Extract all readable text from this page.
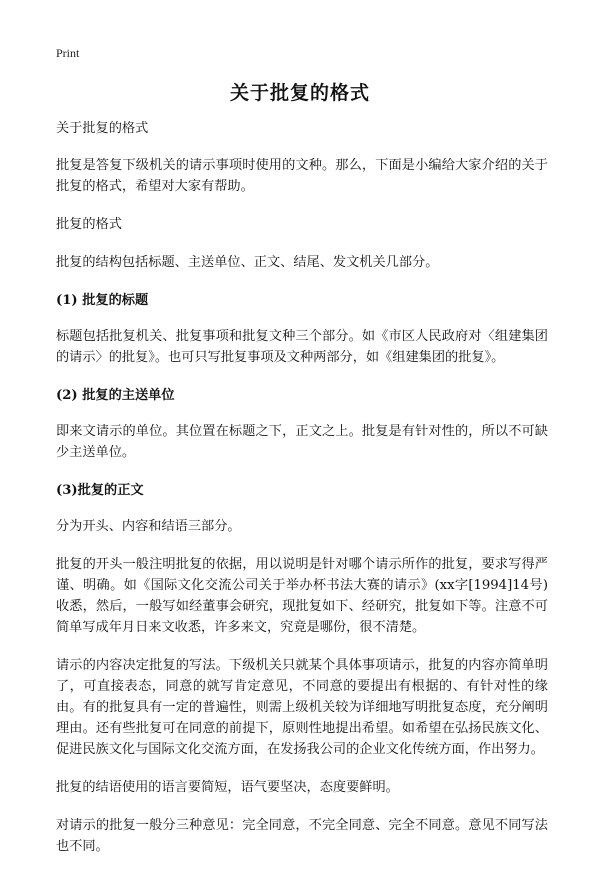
Print
关于批复的格式

关于批复的格式

批复是答复下级机关的请示事项时使用的文种。那么，下面是小编给大家介绍的关于批复的格式，希望对大家有帮助。

批复的格式

批复的结构包括标题、主送单位、正文、结尾、发文机关几部分。

(1) 批复的标题

标题包括批复机关、批复事项和批复文种三个部分。如《市区人民政府对〈组建集团的请示〉的批复》。也可只写批复事项及文种两部分，如《组建集团的批复》。

(2) 批复的主送单位

即来文请示的单位。其位置在标题之下，正文之上。批复是有针对性的，所以不可缺少主送单位。

(3)批复的正文

分为开头、内容和结语三部分。

批复的开头一般注明批复的依据，用以说明是针对哪个请示所作的批复，要求写得严谨、明确。如《国际文化交流公司关于举办杯书法大赛的请示》(xx字[1994]14号)收悉，然后，一般写如经董事会研究，现批复如下、经研究，批复如下等。注意不可简单写成年月日来文收悉，许多来文，究竟是哪份，很不清楚。

请示的内容决定批复的写法。下级机关只就某个具体事项请示，批复的内容亦简单明了，可直接表态，同意的就写肯定意见，不同意的要提出有根据的、有针对性的缘由。有的批复具有一定的普遍性，则需上级机关较为详细地写明批复态度，充分阐明理由。还有些批复可在同意的前提下，原则性地提出希望。如希望在弘扬民族文化、促进民族文化与国际文化交流方面，在发扬我公司的企业文化传统方面，作出努力。

批复的结语使用的语言要简短，语气要坚决，态度要鲜明。

对请示的批复一般分三种意见：完全同意，不完全同意、完全不同意。意见不同写法也不同。
